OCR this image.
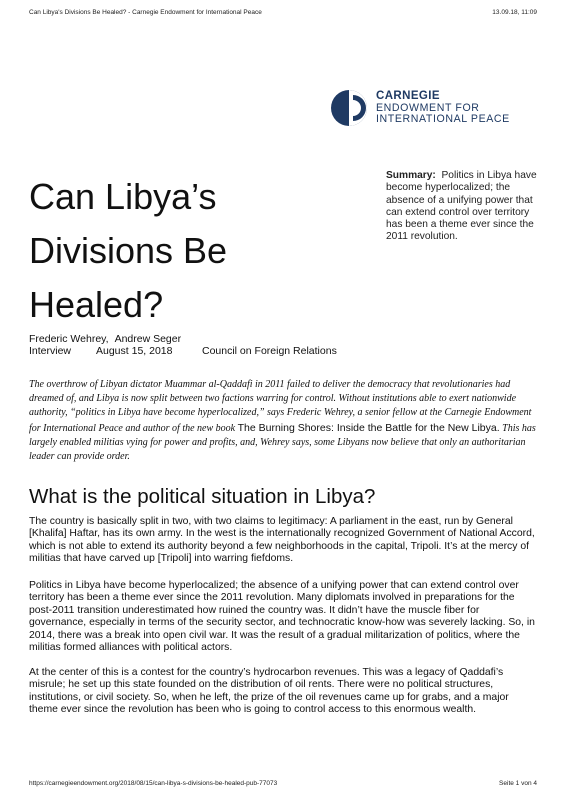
Can Libya's Divisions Be Healed? - Carnegie Endowment for International Peace	13.09.18, 11:09
CARNEGIE
ENDOWMENT FOR
INTERNATIONAL PEACE
Can Libya’s
Divisions Be
Healed?
Summary: Politics in Libya have become hyperlocalized; the absence of a unifying power that can extend control over territory has been a theme ever since the 2011 revolution.
Frederic Wehrey, Andrew Seger
Interview August 15, 2018	Council on Foreign Relations
The overthrow of Libyan dictator Muammar al-Qaddafi in 2011 failed to deliver the democracy that revolutionaries had dreamed of, and Libya is now split between two factions warring for control. Without institutions able to exert nationwide authority, “politics in Libya have become hyperlocalized,” says Frederic Wehrey, a senior fellow at the Carnegie Endowment for International Peace and author of the new book The Burning Shores: Inside the Battle for the New Libya. This has largely enabled militias vying for power and profits, and, Wehrey says, some Libyans now believe that only an authoritarian leader can provide order.
What is the political situation in Libya?

The country is basically split in two, with two claims to legitimacy: A parliament in the east, run by General [Khalifa] Haftar, has its own army. In the west is the internationally recognized Government of National Accord, which is not able to extend its authority beyond a few neighborhoods in the capital, Tripoli. It’s at the mercy of militias that have carved up [Tripoli] into warring fiefdoms.

Politics in Libya have become hyperlocalized; the absence of a unifying power that can extend control over territory has been a theme ever since the 2011 revolution. Many diplomats involved in preparations for the post-2011 transition underestimated how ruined the country was. It didn’t have the muscle fiber for governance, especially in terms of the security sector, and technocratic know-how was severely lacking. So, in 2014, there was a break into open civil war. It was the result of a gradual militarization of politics, where the militias formed alliances with political actors.

At the center of this is a contest for the country’s hydrocarbon revenues. This was a legacy of Qaddafi’s misrule; he set up this state founded on the distribution of oil rents. There were no political structures, institutions, or civil society. So, when he left, the prize of the oil revenues came up for grabs, and a major theme ever since the revolution has been who is going to control access to this enormous wealth.

https://carnegieendowment.org/2018/08/15/can-libya-s-divisions-be-healed-pub-77073	Seite 1 von 4
